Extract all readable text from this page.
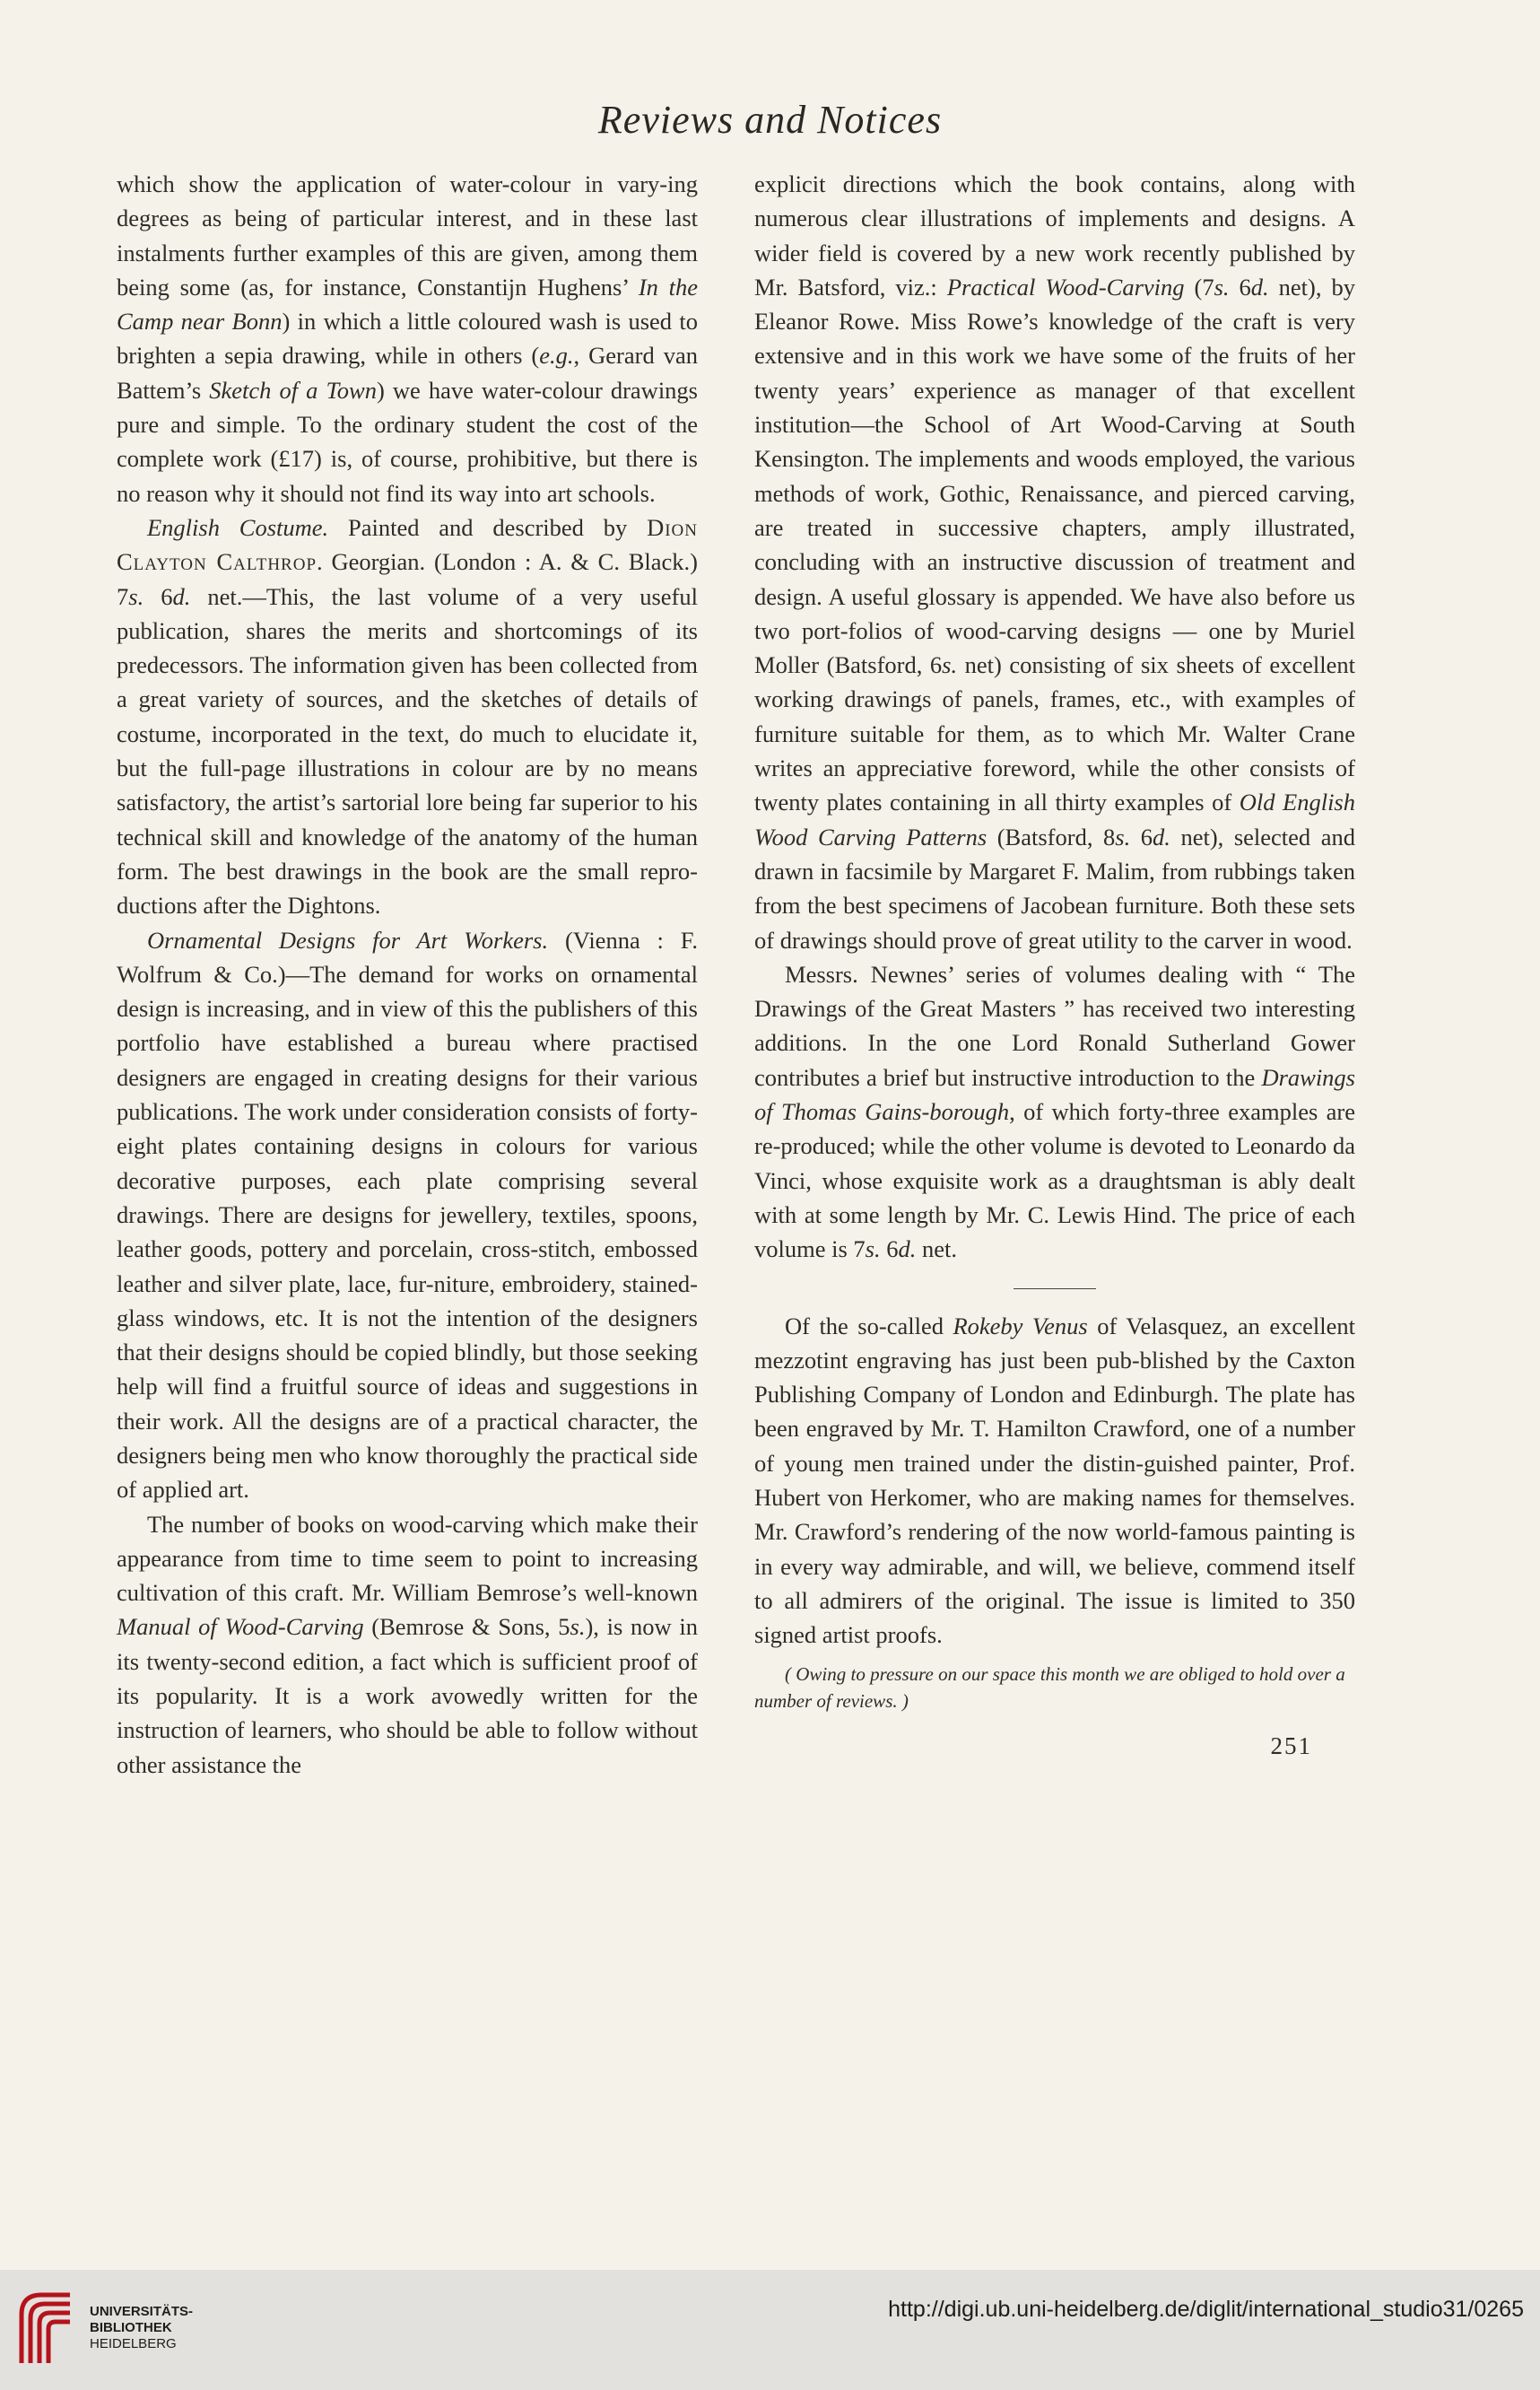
Reviews and Notices

which show the application of water-colour in vary-ing degrees as being of particular interest, and in these last instalments further examples of this are given, among them being some (as, for instance, Constantijn Hughens’ In the Camp near Bonn) in which a little coloured wash is used to brighten a sepia drawing, while in others (e.g., Gerard van Battem’s Sketch of a Town) we have water-colour drawings pure and simple. To the ordinary student the cost of the complete work (£17) is, of course, prohibitive, but there is no reason why it should not find its way into art schools.

English Costume. Painted and described by Dion Clayton Calthrop. Georgian. (London : A. & C. Black.) 7s. 6d. net.—This, the last volume of a very useful publication, shares the merits and shortcomings of its predecessors. The information given has been collected from a great variety of sources, and the sketches of details of costume, incorporated in the text, do much to elucidate it, but the full-page illustrations in colour are by no means satisfactory, the artist’s sartorial lore being far superior to his technical skill and knowledge of the anatomy of the human form. The best drawings in the book are the small repro-ductions after the Dightons.

Ornamental Designs for Art Workers. (Vienna : F. Wolfrum & Co.)—The demand for works on ornamental design is increasing, and in view of this the publishers of this portfolio have established a bureau where practised designers are engaged in creating designs for their various publications. The work under consideration consists of forty-eight plates containing designs in colours for various decorative purposes, each plate comprising several drawings. There are designs for jewellery, textiles, spoons, leather goods, pottery and porcelain, cross-stitch, embossed leather and silver plate, lace, fur-niture, embroidery, stained-glass windows, etc. It is not the intention of the designers that their designs should be copied blindly, but those seeking help will find a fruitful source of ideas and suggestions in their work. All the designs are of a practical character, the designers being men who know thoroughly the practical side of applied art.

The number of books on wood-carving which make their appearance from time to time seem to point to increasing cultivation of this craft. Mr. William Bemrose’s well-known Manual of Wood-Carving (Bemrose & Sons, 5s.), is now in its twenty-second edition, a fact which is sufficient proof of its popularity. It is a work avowedly written for the instruction of learners, who should be able to follow without other assistance the

explicit directions which the book contains, along with numerous clear illustrations of implements and designs. A wider field is covered by a new work recently published by Mr. Batsford, viz.: Practical Wood-Carving (7s. 6d. net), by Eleanor Rowe. Miss Rowe’s knowledge of the craft is very extensive and in this work we have some of the fruits of her twenty years’ experience as manager of that excellent institution—the School of Art Wood-Carving at South Kensington. The implements and woods employed, the various methods of work, Gothic, Renaissance, and pierced carving, are treated in successive chapters, amply illustrated, concluding with an instructive discussion of treatment and design. A useful glossary is appended. We have also before us two port-folios of wood-carving designs — one by Muriel Moller (Batsford, 6s. net) consisting of six sheets of excellent working drawings of panels, frames, etc., with examples of furniture suitable for them, as to which Mr. Walter Crane writes an appreciative foreword, while the other consists of twenty plates containing in all thirty examples of Old English Wood Carving Patterns (Batsford, 8s. 6d. net), selected and drawn in facsimile by Margaret F. Malim, from rubbings taken from the best specimens of Jacobean furniture. Both these sets of drawings should prove of great utility to the carver in wood.

Messrs. Newnes’ series of volumes dealing with “ The Drawings of the Great Masters ” has received two interesting additions. In the one Lord Ronald Sutherland Gower contributes a brief but instructive introduction to the Drawings of Thomas Gains-borough, of which forty-three examples are re-produced; while the other volume is devoted to Leonardo da Vinci, whose exquisite work as a draughtsman is ably dealt with at some length by Mr. C. Lewis Hind. The price of each volume is 7s. 6d. net.

Of the so-called Rokeby Venus of Velasquez, an excellent mezzotint engraving has just been pub-blished by the Caxton Publishing Company of London and Edinburgh. The plate has been engraved by Mr. T. Hamilton Crawford, one of a number of young men trained under the distin-guished painter, Prof. Hubert von Herkomer, who are making names for themselves. Mr. Crawford’s rendering of the now world-famous painting is in every way admirable, and will, we believe, commend itself to all admirers of the original. The issue is limited to 350 signed artist proofs.

( Owing to pressure on our space this month we are obliged to hold over a number of reviews. )

251

UNIVERSITÄTS-
BIBLIOTHEK
HEIDELBERG
http://digi.ub.uni-heidelberg.de/diglit/international_studio31/0265
